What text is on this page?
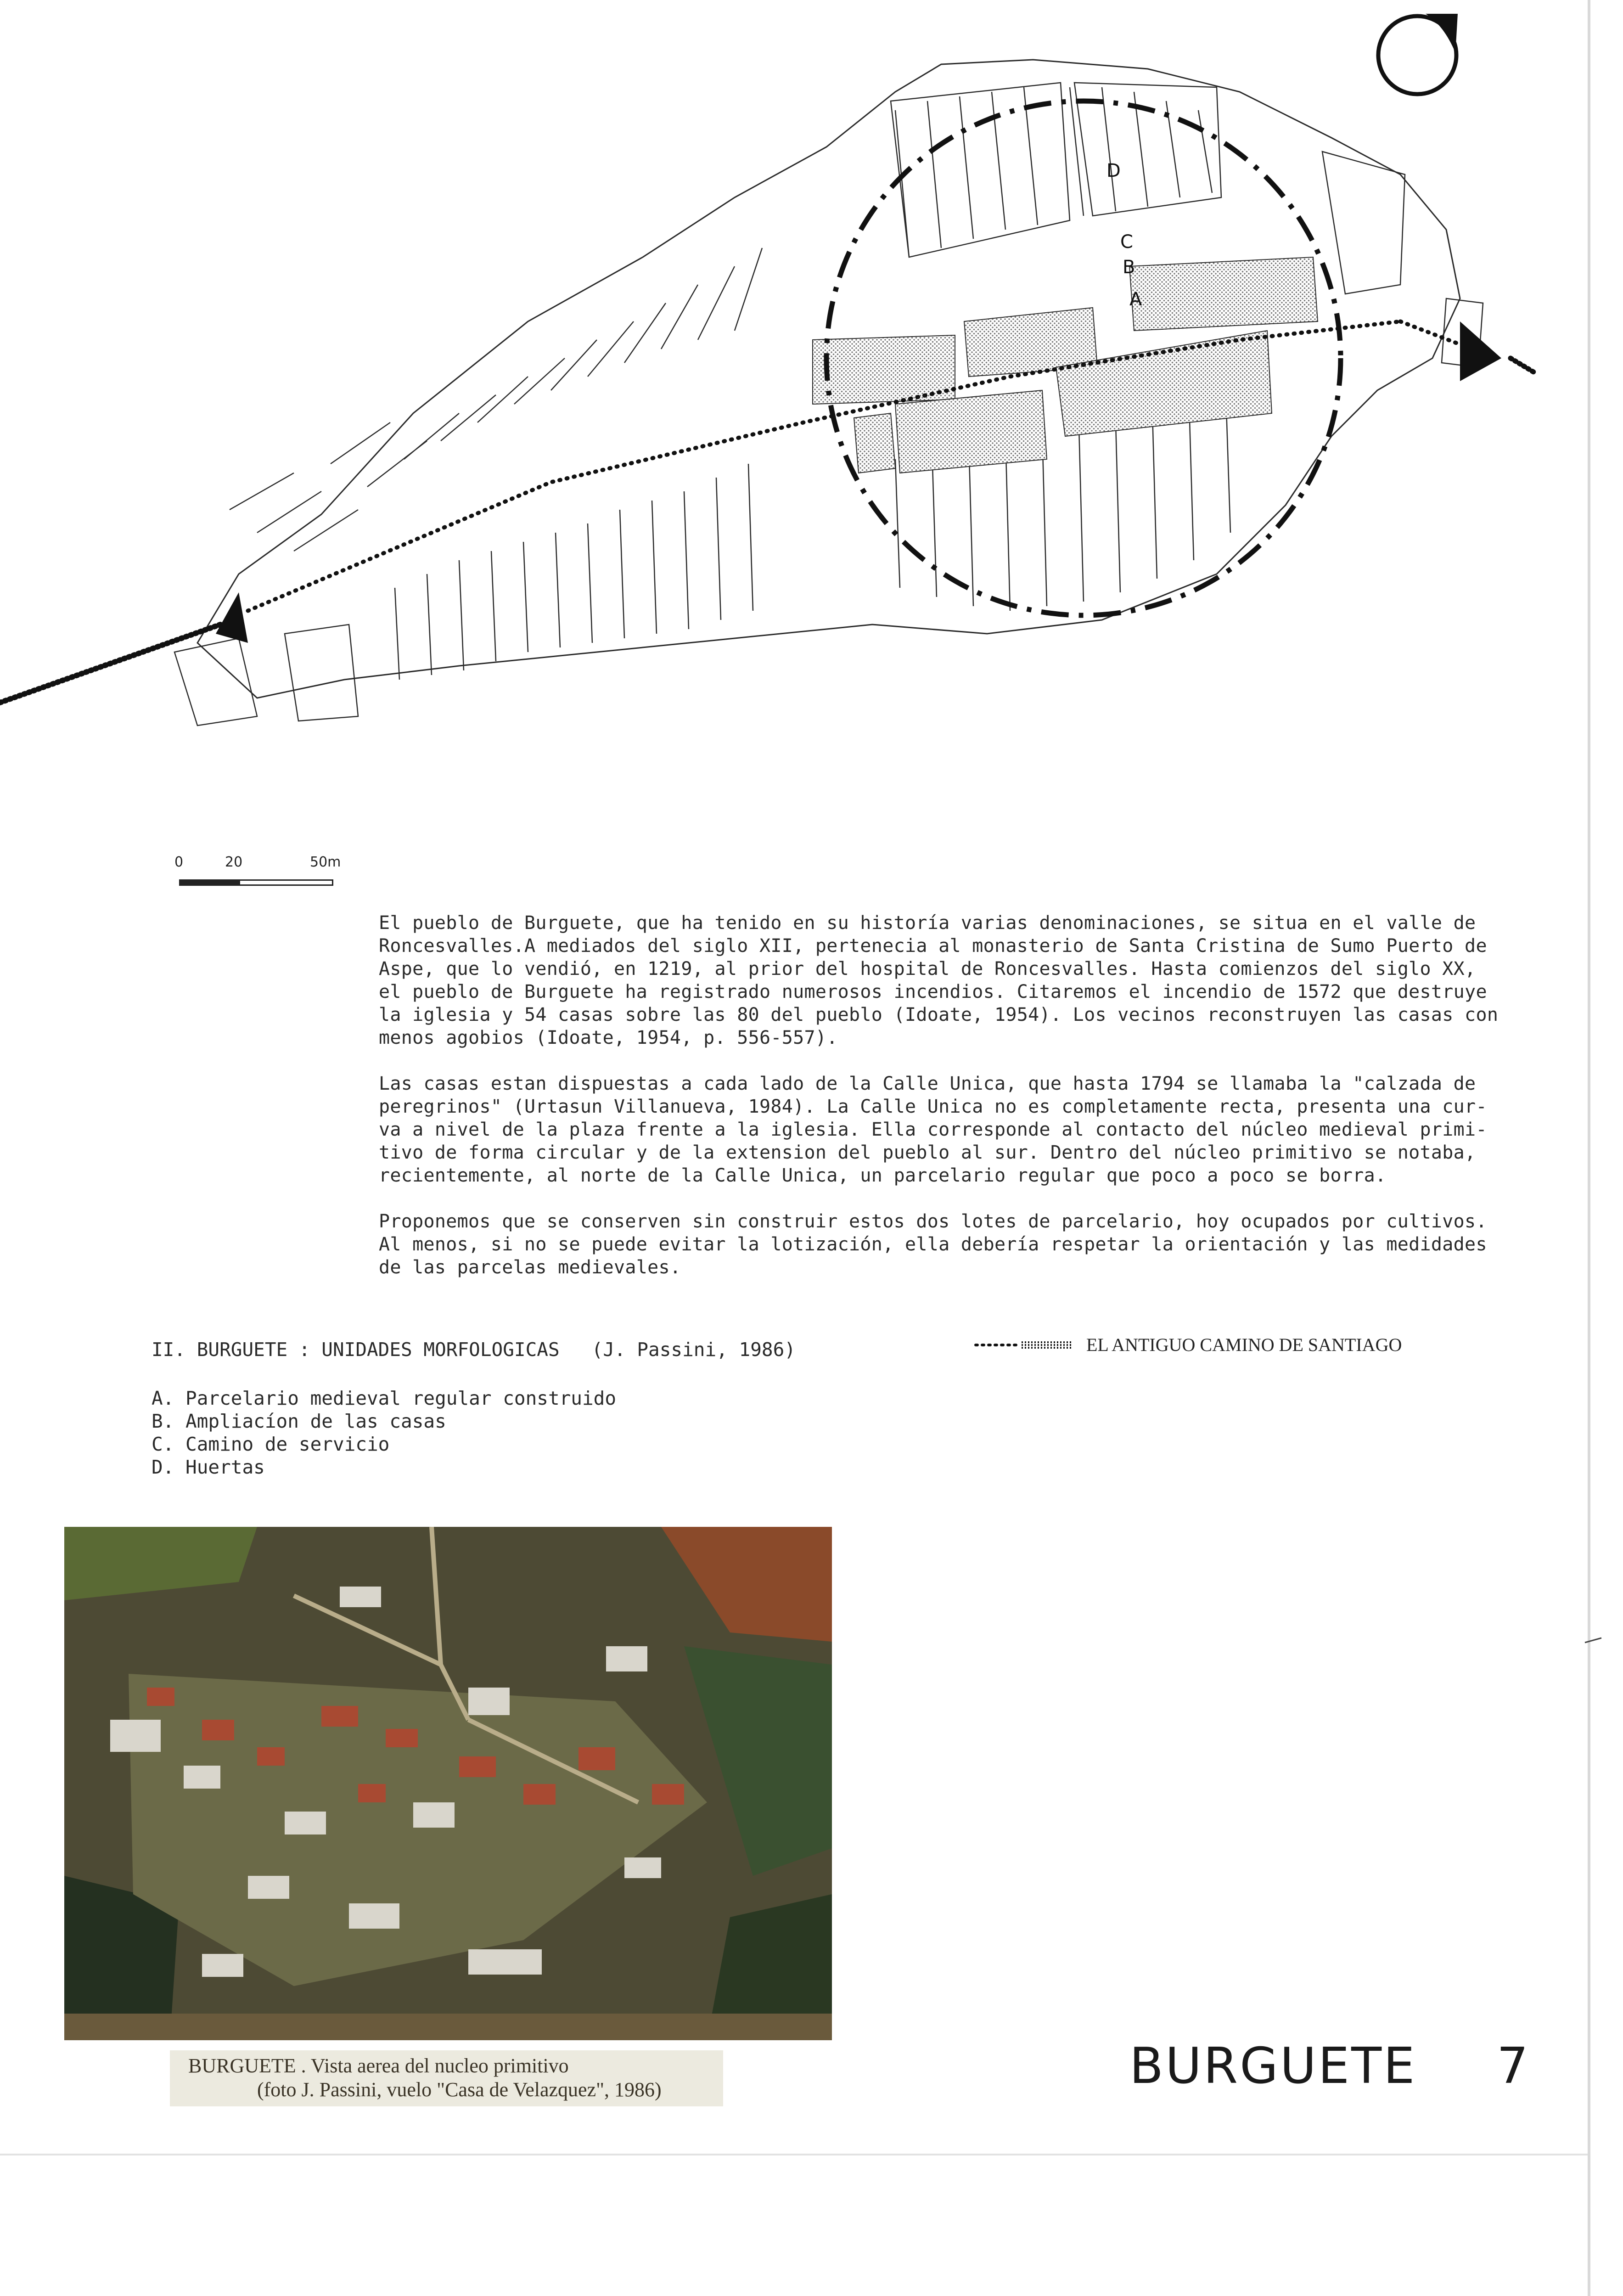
D
C
B
A
0	20	50m
El pueblo de Burguete, que ha tenido en su historía varias denominaciones, se situa en el valle de
Roncesvalles.A mediados del siglo XII, pertenecia al monasterio de Santa Cristina de Sumo Puerto de
Aspe, que lo vendió, en 1219, al prior del hospital de Roncesvalles. Hasta comienzos del siglo XX,
el pueblo de Burguete ha registrado numerosos incendios. Citaremos el incendio de 1572 que destruye
la iglesia y 54 casas sobre las 80 del pueblo (Idoate, 1954). Los vecinos reconstruyen las casas con
menos agobios (Idoate, 1954, p. 556-557).
Las casas estan dispuestas a cada lado de la Calle Unica, que hasta 1794 se llamaba la "calzada de
peregrinos" (Urtasun Villanueva, 1984). La Calle Unica no es completamente recta, presenta una cur-
va a nivel de la plaza frente a la iglesia. Ella corresponde al contacto del núcleo medieval primi-
tivo de forma circular y de la extension del pueblo al sur. Dentro del núcleo primitivo se notaba,
recientemente, al norte de la Calle Unica, un parcelario regular que poco a poco se borra.
Proponemos que se conserven sin construir estos dos lotes de parcelario, hoy ocupados por cultivos.
Al menos, si no se puede evitar la lotización, ella debería respetar la orientación y las medidades
de las parcelas medievales.
II. BURGUETE : UNIDADES MORFOLOGICAS (J. Passini, 1986)
A. Parcelario medieval regular construido
B. Ampliacíon de las casas
C. Camino de servicio
D. Huertas
EL ANTIGUO CAMINO DE SANTIAGO
BURGUETE . Vista aerea del nucleo primitivo
(foto J. Passini, vuelo "Casa de Velazquez", 1986)	BURGUETE 7
